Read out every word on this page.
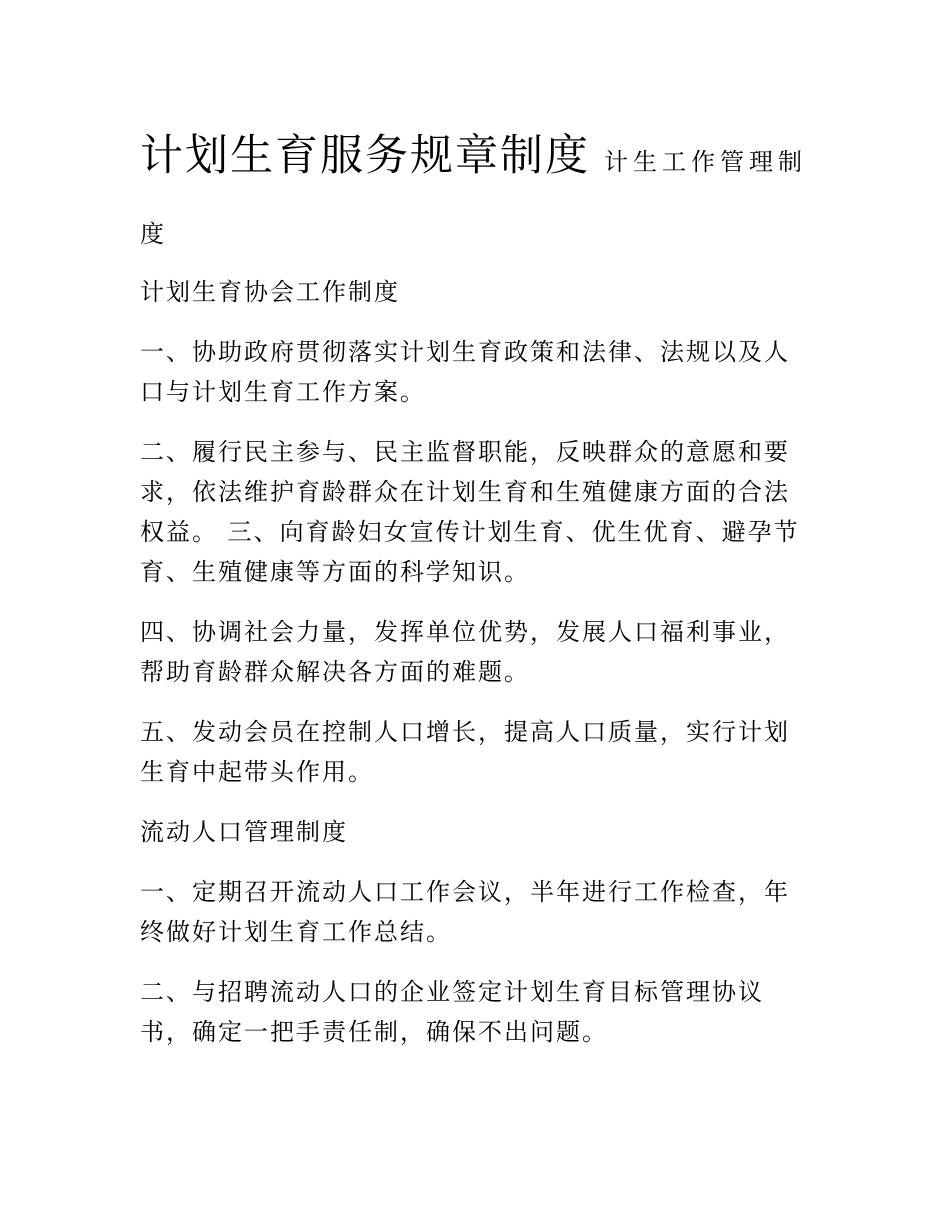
计划生育服务规章制度 计生工作管理制
度

计划生育协会工作制度

一、协助政府贯彻落实计划生育政策和法律、法规以及人口与计划生育工作方案。

二、履行民主参与、民主监督职能，反映群众的意愿和要求，依法维护育龄群众在计划生育和生殖健康方面的合法权益。 三、向育龄妇女宣传计划生育、优生优育、避孕节育、生殖健康等方面的科学知识。

四、协调社会力量，发挥单位优势，发展人口福利事业，帮助育龄群众解决各方面的难题。

五、发动会员在控制人口增长，提高人口质量，实行计划生育中起带头作用。

流动人口管理制度

一、定期召开流动人口工作会议，半年进行工作检查，年终做好计划生育工作总结。

二、与招聘流动人口的企业签定计划生育目标管理协议书，确定一把手责任制，确保不出问题。
